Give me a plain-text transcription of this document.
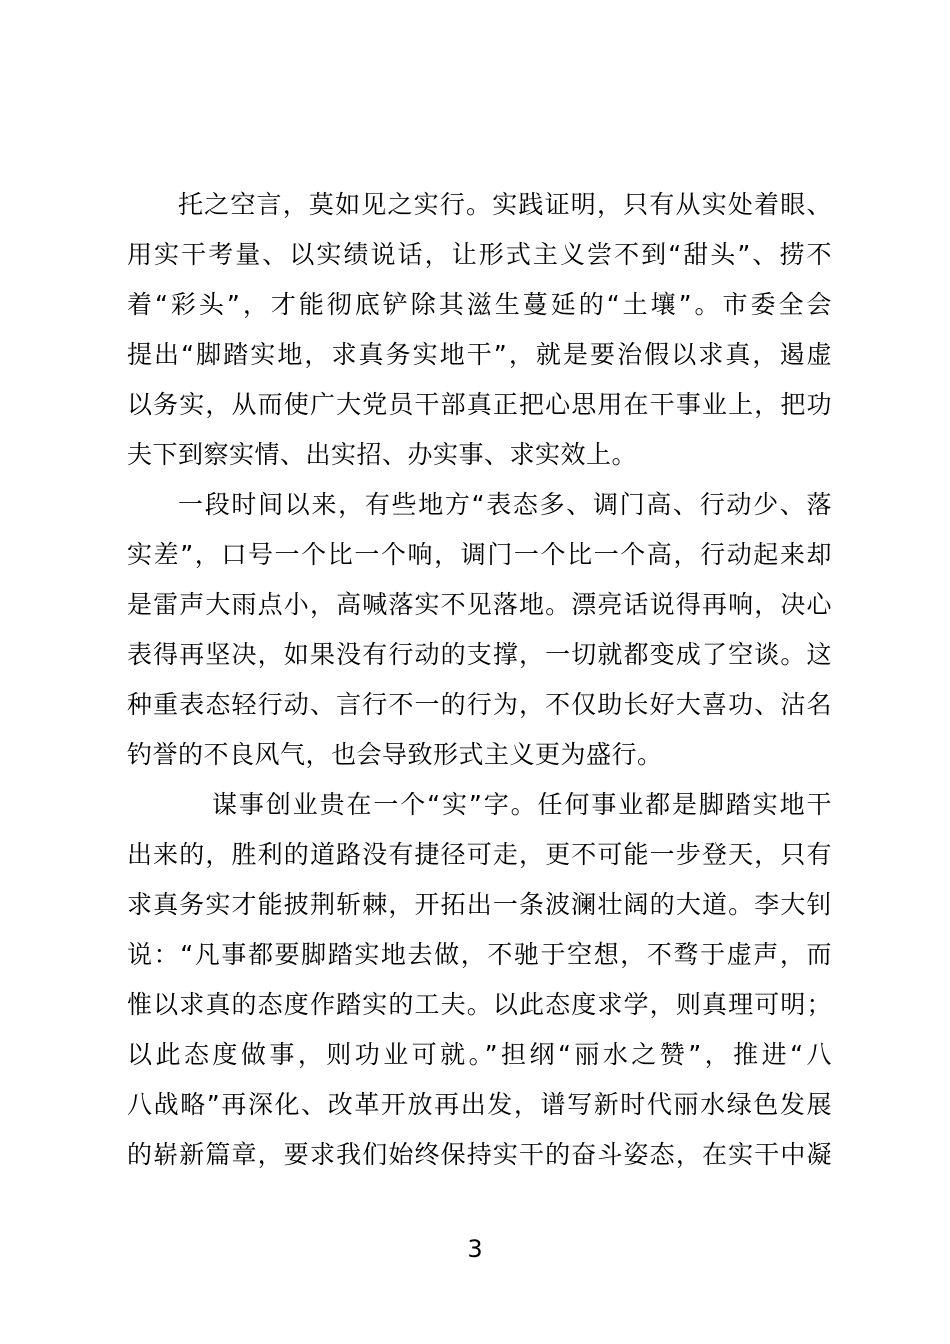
托之空言，莫如见之实行。实践证明，只有从实处着眼、
用实干考量、以实绩说话，让形式主义尝不到“甜头”、捞不
着“彩头”，才能彻底铲除其滋生蔓延的“土壤”。市委全会
提出“脚踏实地，求真务实地干”，就是要治假以求真，遏虚
以务实，从而使广大党员干部真正把心思用在干事业上，把功
夫下到察实情、出实招、办实事、求实效上。
一段时间以来，有些地方“表态多、调门高、行动少、落
实差”，口号一个比一个响，调门一个比一个高，行动起来却
是雷声大雨点小，高喊落实不见落地。漂亮话说得再响，决心
表得再坚决，如果没有行动的支撑，一切就都变成了空谈。这
种重表态轻行动、言行不一的行为，不仅助长好大喜功、沽名
钓誉的不良风气，也会导致形式主义更为盛行。
谋事创业贵在一个“实”字。任何事业都是脚踏实地干
出来的，胜利的道路没有捷径可走，更不可能一步登天，只有
求真务实才能披荆斩棘，开拓出一条波澜壮阔的大道。李大钊
说：“凡事都要脚踏实地去做，不驰于空想，不骛于虚声，而
惟以求真的态度作踏实的工夫。以此态度求学，则真理可明；
以此态度做事，则功业可就。”担纲“丽水之赞”，推进“八
八战略”再深化、改革开放再出发，谱写新时代丽水绿色发展
的崭新篇章，要求我们始终保持实干的奋斗姿态，在实干中凝
3
